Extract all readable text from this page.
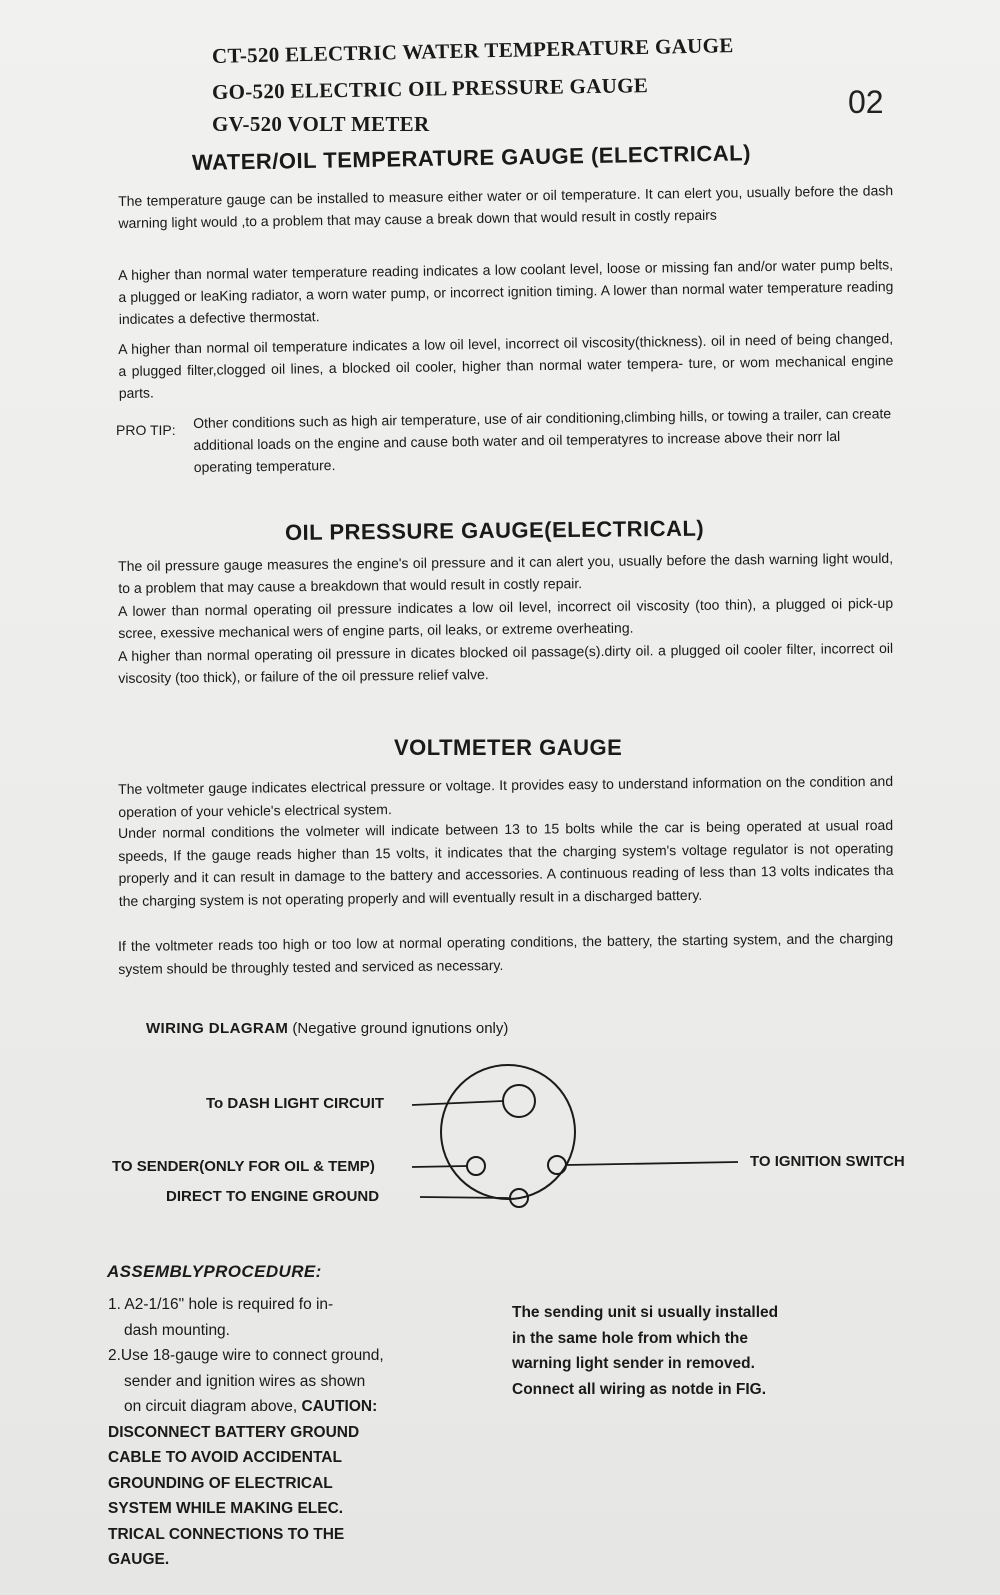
CT-520 ELECTRIC WATER TEMPERATURE GAUGE
GO-520 ELECTRIC OIL PRESSURE GAUGE
GV-520 VOLT METER
02
WATER/OIL TEMPERATURE GAUGE (ELECTRICAL)
The temperature gauge can be installed to measure either water or oil temperature. It can elert you, usually before the dash warning light would ,to a problem that may cause a break down that would result in costly repairs
A higher than normal water temperature reading indicates a low coolant level, loose or missing fan and/or water pump belts, a plugged or leaKing radiator, a worn water pump, or incorrect ignition timing. A lower than normal water temperature reading indicates a defective thermostat.
A higher than normal oil temperature indicates a low oil level, incorrect oil viscosity(thickness). oil in need of being changed, a plugged filter,clogged oil lines, a blocked oil cooler, higher than normal water tempera- ture, or wom mechanical engine parts.
PRO TIP: Other conditions such as high air temperature, use of air conditioning,climbing hills, or towing a trailer, can create additional loads on the engine and cause both water and oil temperatyres to increase above their norr lal operating temperature.
OIL PRESSURE GAUGE(ELECTRICAL)
The oil pressure gauge measures the engine's oil pressure and it can alert you, usually before the dash warning light would, to a problem that may cause a breakdown that would result in costly repair.
A lower than normal operating oil pressure indicates a low oil level, incorrect oil viscosity (too thin), a plugged oi pick-up scree, exessive mechanical wers of engine parts, oil leaks, or extreme overheating.
A higher than normal operating oil pressure in dicates blocked oil passage(s).dirty oil. a plugged oil cooler filter, incorrect oil viscosity (too thick), or failure of the oil pressure relief valve.
VOLTMETER GAUGE
The voltmeter gauge indicates electrical pressure or voltage. It provides easy to understand information on the condition and operation of your vehicle's electrical system.
Under normal conditions the volmeter will indicate between 13 to 15 bolts while the car is being operated at usual road speeds, If the gauge reads higher than 15 volts, it indicates that the charging system's voltage regulator is not operating properly and it can result in damage to the battery and accessories. A continuous reading of less than 13 volts indicates tha the charging system is not operating properly and will eventually result in a discharged battery.
If the voltmeter reads too high or too low at normal operating conditions, the battery, the starting system, and the charging system should be throughly tested and serviced as necessary.
WIRING DLAGRAM (Negative ground ignutions only)
To DASH LIGHT CIRCUIT
TO SENDER(ONLY FOR OIL & TEMP)
DIRECT TO ENGINE GROUND
TO IGNITION SWITCH
ASSEMBLYPROCEDURE:
1. A2-1/16" hole is required fo in-
dash mounting.
2.Use 18-gauge wire to connect ground,
sender and ignition wires as shown
on circuit diagram above, CAUTION:
DISCONNECT BATTERY GROUND
CABLE TO AVOID ACCIDENTAL
GROUNDING OF ELECTRICAL
SYSTEM WHILE MAKING ELEC.
TRICAL CONNECTIONS TO THE
GAUGE.
The sending unit si usually installed
in the same hole from which the
warning light sender in removed.
Connect all wiring as notde in FIG.
